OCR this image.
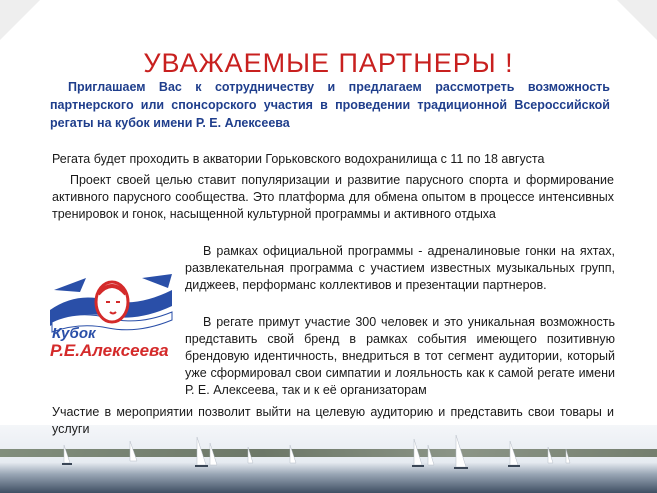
УВАЖАЕМЫЕ ПАРТНЕРЫ !

Приглашаем Вас к сотрудничеству и предлагаем рассмотреть возможность партнерского или спонсорского участия в проведении традиционной Всероссийской регаты на кубок имени Р. Е. Алексеева

Регата будет проходить в акватории Горьковского водохранилища с 11 по 18 августа

Проект своей целью ставит популяризации и развитие парусного спорта и формирование активного парусного сообщества. Это платформа для обмена опытом в процессе интенсивных тренировок и гонок, насыщенной культурной программы и активного отдыха

Кубок
Р.Е.Алексеева

В рамках официальной программы - адреналиновые гонки на яхтах, развлекательная программа с участием известных музыкальных групп, диджеев, перформанс коллективов и презентации партнеров.

В регате примут участие 300 человек и это уникальная возможность представить свой бренд в рамках события имеющего позитивную брендовую идентичность, внедриться в тот сегмент аудитории, который уже сформировал свои симпатии и лояльность как к самой регате имени Р. Е. Алексеева, так и к её организаторам

Участие в мероприятии позволит выйти на целевую аудиторию и представить свои товары и услуги
